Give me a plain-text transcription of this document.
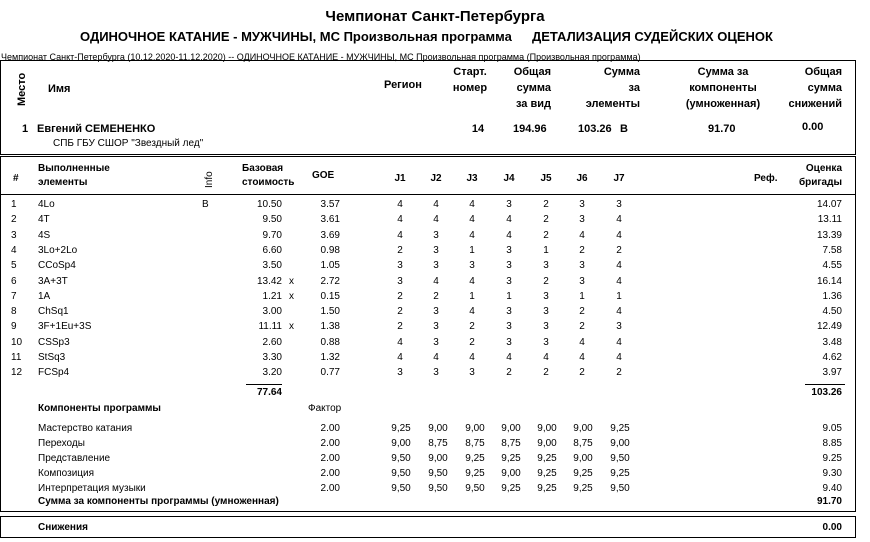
Чемпионат Санкт-Петербурга
ОДИНОЧНОЕ КАТАНИЕ - МУЖЧИНЫ, МС Произвольная программа ДЕТАЛИЗАЦИЯ СУДЕЙСКИХ ОЦЕНОК
Чемпионат Санкт-Петербурга (10.12.2020-11.12.2020) -- ОДИНОЧНОЕ КАТАНИЕ - МУЖЧИНЫ, МС Произвольная программа (Произвольная программа)
Место Имя	Регион
Старт.
номер
Общая
сумма
за вид
Сумма
за
элементы
Сумма за
компоненты
(умноженная)
Общая
сумма
снижений
1 Евгений СЕМЕНЕНКО
СПБ ГБУ СШОР "Звездный лед"
14	194.96	103.26 B	91.70	0.00
#
Выполненные
элементы	Info
Базовая
стоимость
GOE	J1	J2	J3	J4	J5	J6	J7	Реф.
Оценка
бригады
1 4Lo	B	10.50	3.57	4	4	4	3	2	3	3	14.07
2 4T	9.50	3.61	4	4	4	4	2	3	4	13.11
3 4S	9.70	3.69	4	3	4	4	2	4	4	13.39
4 3Lo+2Lo	6.60	0.98	2	3	1	3	1	2	2	7.58
5 CCoSp4	3.50	1.05	3	3	3	3	3	3	4	4.55
6 3A+3T	13.42 x	2.72	3	4	4	3	2	3	4	16.14
7 1A	1.21 x	0.15	2	2	1	1	3	1	1	1.36
8 ChSq1	3.00	1.50	2	3	4	3	3	2	4	4.50
9 3F+1Eu+3S	11.11 x	1.38	2	3	2	3	3	2	3	12.49
10 CSSp3	2.60	0.88	4	3	2	3	3	4	4	3.48
11 StSq3	3.30	1.32	4	4	4	4	4	4	4	4.62
12 FCSp4	3.20	0.77	3	3	3	2	2	2	2	3.97
77.64	103.26
Компоненты программы	Фактор
Мастерство катания	2.00	9,25	9,00	9,00	9,00	9,00	9,00	9,25	9.05
Переходы	2.00	9,00	8,75	8,75	8,75	9,00	8,75	9,00	8.85
Представление	2.00	9,50	9,00	9,25	9,25	9,25	9,00	9,50	9.25
Композиция	2.00	9,50	9,50	9,25	9,00	9,25	9,25	9,25	9.30
Интерпретация музыки	2.00	9,50	9,50	9,50	9,25	9,25	9,25	9,50	9.40
Сумма за компоненты программы (умноженная)	91.70
Снижения	0.00
